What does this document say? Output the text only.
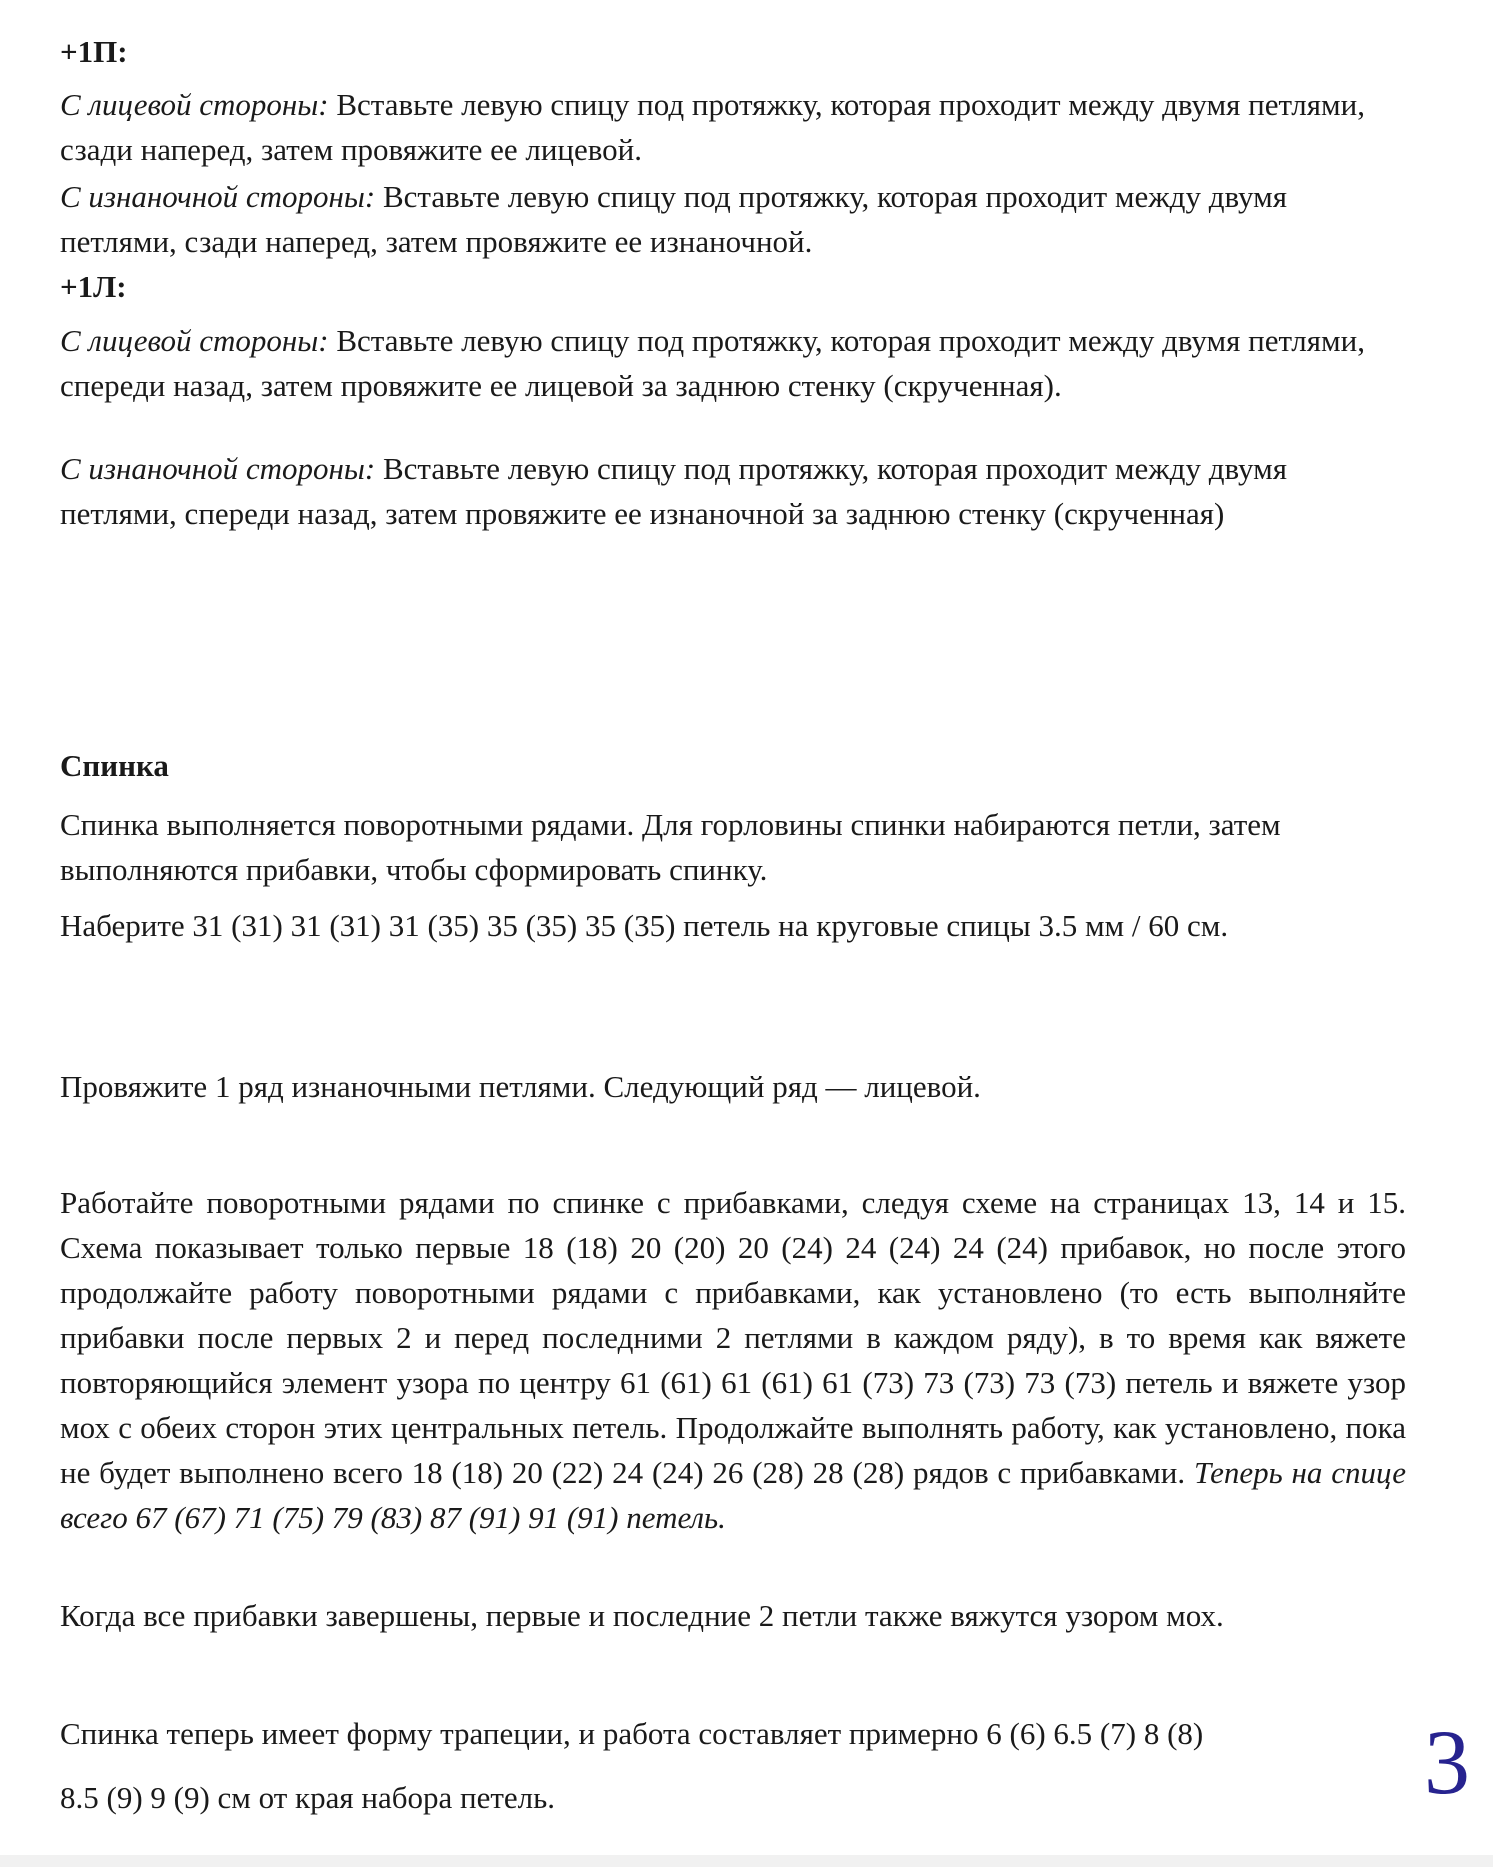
+1П:

С лицевой стороны: Вставьте левую спицу под протяжку, которая проходит между двумя петлями, сзади наперед, затем провяжите ее лицевой.

С изнаночной стороны: Вставьте левую спицу под протяжку, которая проходит между двумя петлями, сзади наперед, затем провяжите ее изнаночной.

+1Л:

С лицевой стороны: Вставьте левую спицу под протяжку, которая проходит между двумя петлями, спереди назад, затем провяжите ее лицевой за заднюю стенку (скрученная).

С изнаночной стороны: Вставьте левую спицу под протяжку, которая проходит между двумя петлями, спереди назад, затем провяжите ее изнаночной за заднюю стенку (скрученная)

Спинка

Спинка выполняется поворотными рядами. Для горловины спинки набираются петли, затем выполняются прибавки, чтобы сформировать спинку.

Наберите 31 (31) 31 (31) 31 (35) 35 (35) 35 (35) петель на круговые спицы 3.5 мм / 60 см.

Провяжите 1 ряд изнаночными петлями. Следующий ряд — лицевой.

Работайте поворотными рядами по спинке с прибавками, следуя схеме на страницах 13, 14 и 15. Схема показывает только первые 18 (18) 20 (20) 20 (24) 24 (24) 24 (24) прибавок, но после этого продолжайте работу поворотными рядами с прибавками, как установлено (то есть выполняйте прибавки после первых 2 и перед последними 2 петлями в каждом ряду), в то время как вяжете повторяющийся элемент узора по центру 61 (61) 61 (61) 61 (73) 73 (73) 73 (73) петель и вяжете узор мох с обеих сторон этих центральных петель. Продолжайте выполнять работу, как установлено, пока не будет выполнено всего 18 (18) 20 (22) 24 (24) 26 (28) 28 (28) рядов с прибавками. Теперь на спице всего 67 (67) 71 (75) 79 (83) 87 (91) 91 (91) петель.

Когда все прибавки завершены, первые и последние 2 петли также вяжутся узором мох.

Спинка теперь имеет форму трапеции, и работа составляет примерно 6 (6) 6.5 (7) 8 (8)

8.5 (9) 9 (9) см от края набора петель.	3
